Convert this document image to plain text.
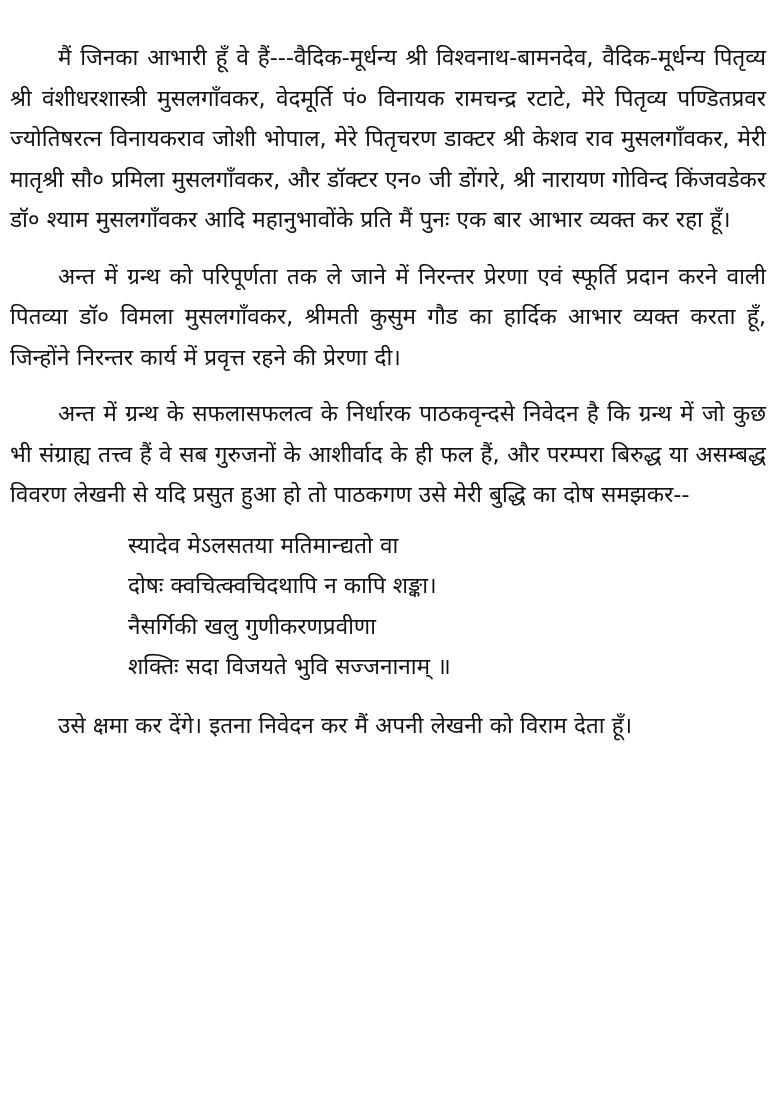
मैं जिनका आभारी हूँ वे हैं---वैदिक-मूर्धन्य श्री विश्वनाथ-बामनदेव, वैदिक-मूर्धन्य पितृव्य श्री वंशीधरशास्त्री मुसलगाँवकर, वेदमूर्ति पं० विनायक रामचन्द्र रटाटे, मेरे पितृव्य पण्डितप्रवर ज्योतिषरत्न विनायकराव जोशी भोपाल, मेरे पितृचरण डाक्टर श्री केशव राव मुसलगाँवकर, मेरी मातृश्री सौ० प्रमिला मुसलगाँवकर, और डॉक्टर एन० जी डोंगरे, श्री नारायण गोविन्द किंजवडेकर डॉ० श्याम मुसलगाँवकर आदि महानुभावोंके प्रति मैं पुनः एक बार आभार व्यक्त कर रहा हूँ।

अन्त में ग्रन्थ को परिपूर्णता तक ले जाने में निरन्तर प्रेरणा एवं स्फूर्ति प्रदान करने वाली पितव्या डॉ० विमला मुसलगाँवकर, श्रीमती कुसुम गौड का हार्दिक आभार व्यक्त करता हूँ, जिन्होंने निरन्तर कार्य में प्रवृत्त रहने की प्रेरणा दी।

अन्त में ग्रन्थ के सफलासफलत्व के निर्धारक पाठकवृन्दसे निवेदन है कि ग्रन्थ में जो कुछ भी संग्राह्य तत्त्व हैं वे सब गुरुजनों के आशीर्वाद के ही फल हैं, और परम्परा बिरुद्ध या असम्बद्ध विवरण लेखनी से यदि प्रसुत हुआ हो तो पाठकगण उसे मेरी बुद्धि का दोष समझकर--

स्यादेव मेऽलसतया मतिमान्द्यतो वा
दोषः क्वचित्क्वचिदथापि न कापि शङ्का।
नैसर्गिकी खलु गुणीकरणप्रवीणा
शक्तिः सदा विजयते भुवि सज्जनानाम् ॥

उसे क्षमा कर देंगे। इतना निवेदन कर मैं अपनी लेखनी को विराम देता हूँ।
